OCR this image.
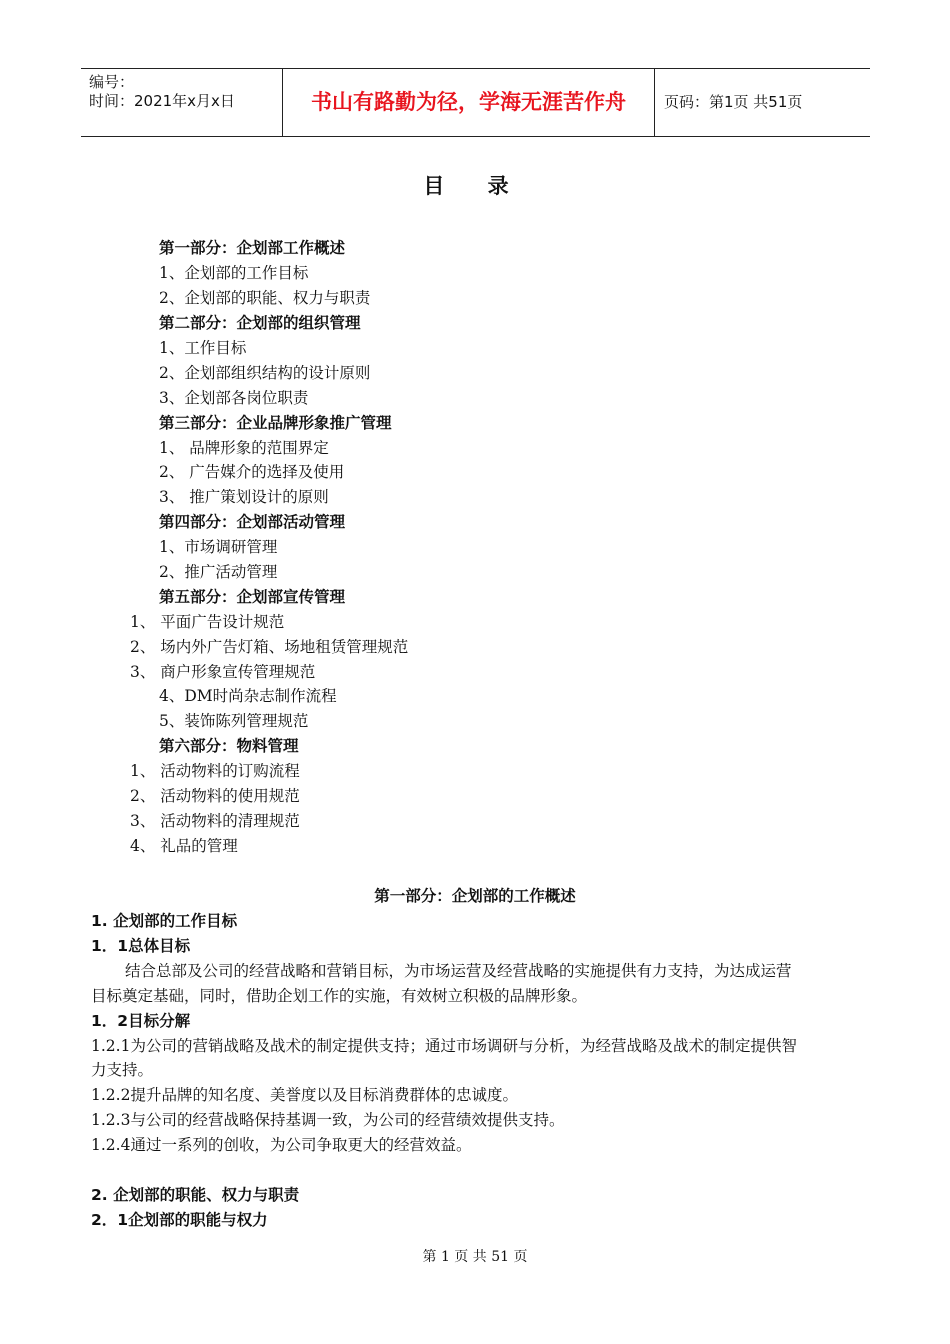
编号：
时间：2021年x月x日	书山有路勤为径，学海无涯苦作舟	页码：第1页 共51页
目 录
第一部分：企划部工作概述
1、企划部的工作目标
2、企划部的职能、权力与职责
第二部分：企划部的组织管理
1、工作目标
2、企划部组织结构的设计原则
3、企划部各岗位职责
第三部分：企业品牌形象推广管理
1、 品牌形象的范围界定
2、 广告媒介的选择及使用
3、 推广策划设计的原则
第四部分：企划部活动管理
1、市场调研管理
2、推广活动管理
第五部分：企划部宣传管理
1、 平面广告设计规范
2、 场内外广告灯箱、场地租赁管理规范
3、 商户形象宣传管理规范
4、DM时尚杂志制作流程
5、装饰陈列管理规范
第六部分：物料管理
1、 活动物料的订购流程
2、 活动物料的使用规范
3、 活动物料的清理规范
4、 礼品的管理
第一部分：企划部的工作概述
1. 企划部的工作目标
1．1总体目标
结合总部及公司的经营战略和营销目标，为市场运营及经营战略的实施提供有力支持，为达成运营
目标奠定基础，同时，借助企划工作的实施，有效树立积极的品牌形象。
1．2目标分解
1.2.1为公司的营销战略及战术的制定提供支持；通过市场调研与分析，为经营战略及战术的制定提供智
力支持。
1.2.2提升品牌的知名度、美誉度以及目标消费群体的忠诚度。
1.2.3与公司的经营战略保持基调一致，为公司的经营绩效提供支持。
1.2.4通过一系列的创收，为公司争取更大的经营效益。
2. 企划部的职能、权力与职责
2．1企划部的职能与权力
第 1 页 共 51 页
